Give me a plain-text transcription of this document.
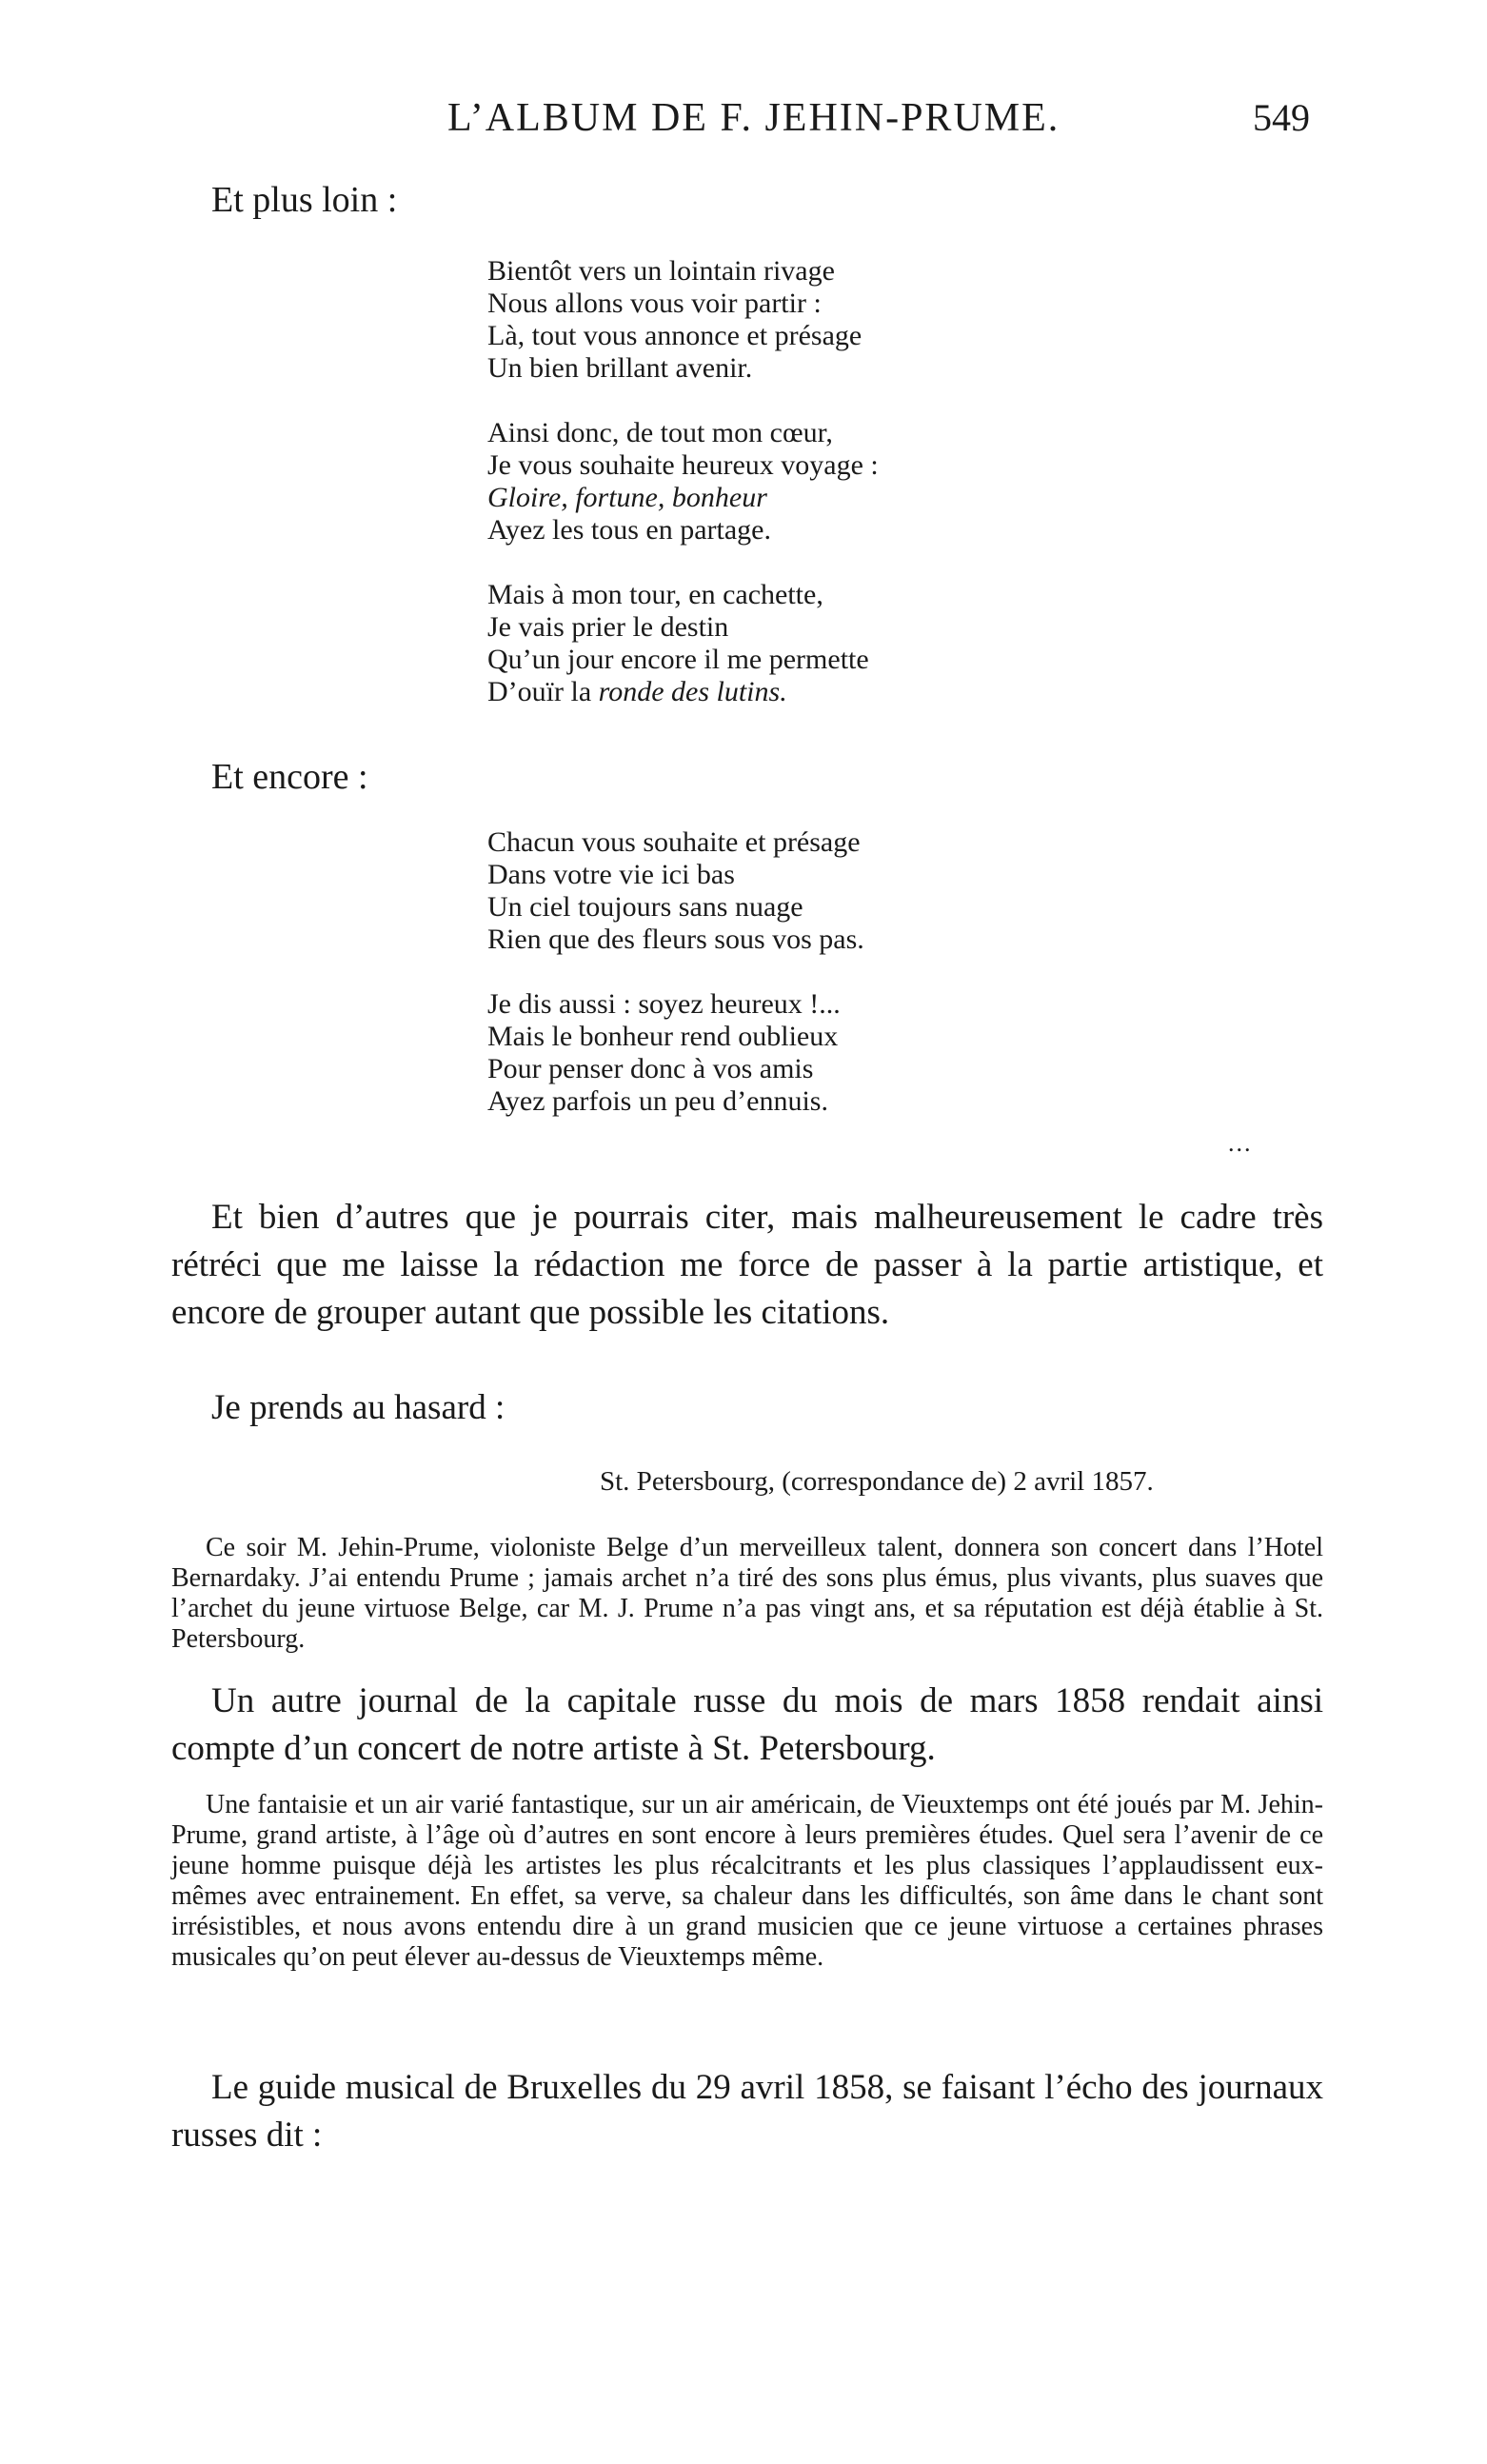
L’ALBUM DE F. JEHIN-PRUME.	549
Et plus loin :
Bientôt vers un lointain rivage
Nous allons vous voir partir :
Là, tout vous annonce et présage
Un bien brillant avenir.
Ainsi donc, de tout mon cœur,
Je vous souhaite heureux voyage :
Gloire, fortune, bonheur
Ayez les tous en partage.
Mais à mon tour, en cachette,
Je vais prier le destin
Qu’un jour encore il me permette
D’ouïr la ronde des lutins.
Et encore :
Chacun vous souhaite et présage
Dans votre vie ici bas
Un ciel toujours sans nuage
Rien que des fleurs sous vos pas.
Je dis aussi : soyez heureux !...
Mais le bonheur rend oublieux
Pour penser donc à vos amis
Ayez parfois un peu d’ennuis.
...
Et bien d’autres que je pourrais citer, mais malheureusement le cadre très rétréci que me laisse la rédaction me force de passer à la partie artistique, et encore de grouper autant que possible les citations.
Je prends au hasard :
St. Petersbourg, (correspondance de) 2 avril 1857.
Ce soir M. Jehin-Prume, violoniste Belge d’un merveilleux talent, donnera son concert dans l’Hotel Bernardaky. J’ai entendu Prume ; jamais archet n’a tiré des sons plus émus, plus vivants, plus suaves que l’archet du jeune virtuose Belge, car M. J. Prume n’a pas vingt ans, et sa réputation est déjà établie à St. Petersbourg.
Un autre journal de la capitale russe du mois de mars 1858 rendait ainsi compte d’un concert de notre artiste à St. Petersbourg.
Une fantaisie et un air varié fantastique, sur un air américain, de Vieuxtemps ont été joués par M. Jehin-Prume, grand artiste, à l’âge où d’autres en sont encore à leurs premières études. Quel sera l’avenir de ce jeune homme puisque déjà les artistes les plus récalcitrants et les plus classiques l’applaudissent eux-mêmes avec entrainement. En effet, sa verve, sa chaleur dans les difficultés, son âme dans le chant sont irrésistibles, et nous avons entendu dire à un grand musicien que ce jeune virtuose a certaines phrases musicales qu’on peut élever au-dessus de Vieuxtemps même.
Le guide musical de Bruxelles du 29 avril 1858, se faisant l’écho des journaux russes dit :
